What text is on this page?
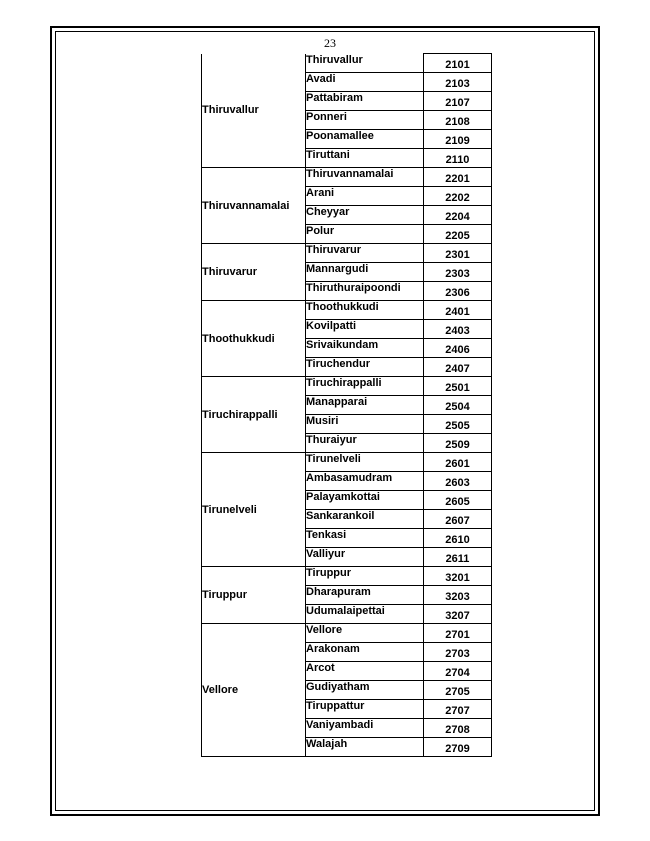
23
Thiruvallur	Thiruvallur	2101
	Avadi	2103
	Pattabiram	2107
	Ponneri	2108
	Poonamallee	2109
	Tiruttani	2110
Thiruvannamalai	Thiruvannamalai	2201
	Arani	2202
	Cheyyar	2204
	Polur	2205
Thiruvarur	Thiruvarur	2301
	Mannargudi	2303
	Thiruthuraipoondi	2306
Thoothukkudi	Thoothukkudi	2401
	Kovilpatti	2403
	Srivaikundam	2406
	Tiruchendur	2407
Tiruchirappalli	Tiruchirappalli	2501
	Manapparai	2504
	Musiri	2505
	Thuraiyur	2509
Tirunelveli	Tirunelveli	2601
	Ambasamudram	2603
	Palayamkottai	2605
	Sankarankoil	2607
	Tenkasi	2610
	Valliyur	2611
Tiruppur	Tiruppur	3201
	Dharapuram	3203
	Udumalaipettai	3207
Vellore	Vellore	2701
	Arakonam	2703
	Arcot	2704
	Gudiyatham	2705
	Tiruppattur	2707
	Vaniyambadi	2708
	Walajah	2709
